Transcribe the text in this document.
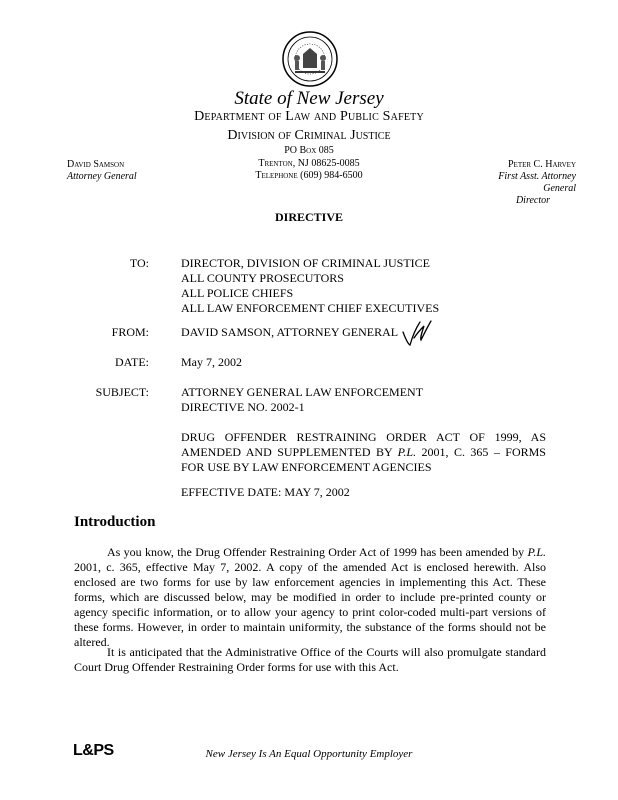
State of New Jersey
Department of Law and Public Safety
Division of Criminal Justice
PO Box 085
Trenton, NJ 08625-0085
Telephone (609) 984-6500
David Samson
Attorney General
Peter C. Harvey
First Asst. Attorney General
Director
DIRECTIVE
TO:	DIRECTOR, DIVISION OF CRIMINAL JUSTICE
ALL COUNTY PROSECUTORS
ALL POLICE CHIEFS
ALL LAW ENFORCEMENT CHIEF EXECUTIVES
FROM:	DAVID SAMSON, ATTORNEY GENERAL
DATE:	May 7, 2002
SUBJECT:	ATTORNEY GENERAL LAW ENFORCEMENT
DIRECTIVE NO. 2002-1
DRUG OFFENDER RESTRAINING ORDER ACT OF 1999, AS AMENDED AND SUPPLEMENTED BY P.L. 2001, C. 365 – FORMS FOR USE BY LAW ENFORCEMENT AGENCIES
EFFECTIVE DATE: MAY 7, 2002
Introduction
As you know, the Drug Offender Restraining Order Act of 1999 has been amended by P.L. 2001, c. 365, effective May 7, 2002. A copy of the amended Act is enclosed herewith. Also enclosed are two forms for use by law enforcement agencies in implementing this Act. These forms, which are discussed below, may be modified in order to include pre-printed county or agency specific information, or to allow your agency to print color-coded multi-part versions of these forms. However, in order to maintain uniformity, the substance of the forms should not be altered.
It is anticipated that the Administrative Office of the Courts will also promulgate standard Court Drug Offender Restraining Order forms for use with this Act.
L&PS	New Jersey Is An Equal Opportunity Employer
